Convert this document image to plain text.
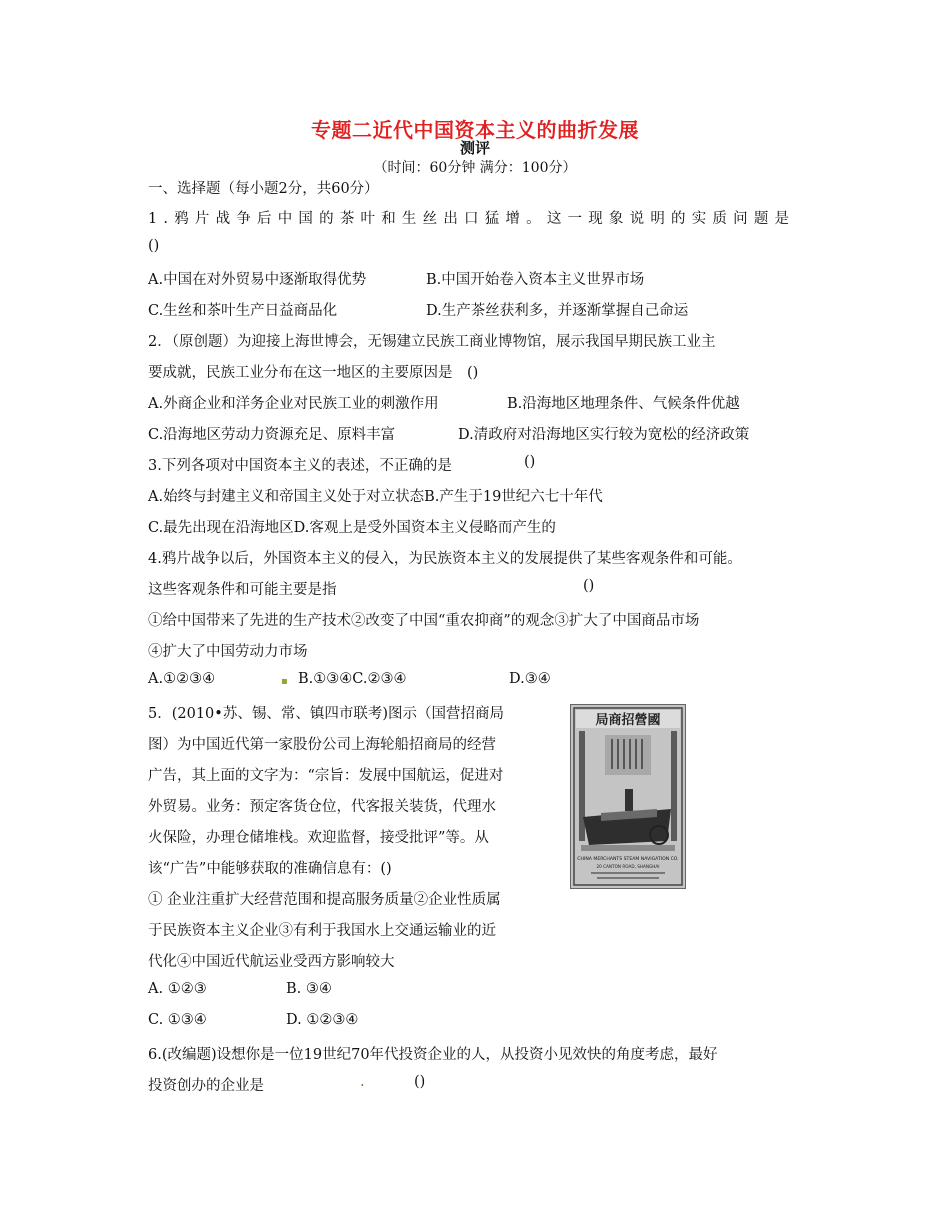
专题二近代中国资本主义的曲折发展
测评
（时间：60分钟 满分：100分）
一、选择题（每小题2分，共60分）
1.鸦片战争后中国的茶叶和生丝出口猛增。这一现象说明的实质问题是
()
A.中国在对外贸易中逐渐取得优势	B.中国开始卷入资本主义世界市场
C.生丝和茶叶生产日益商品化	D.生产茶丝获利多，并逐渐掌握自己命运
2．（原创题）为迎接上海世博会，无锡建立民族工商业博物馆，展示我国早期民族工业主
要成就，民族工业分布在这一地区的主要原因是　()
A.外商企业和洋务企业对民族工业的刺激作用	B.沿海地区地理条件、气候条件优越
C.沿海地区劳动力资源充足、原料丰富	D.清政府对沿海地区实行较为宽松的经济政策
3.下列各项对中国资本主义的表述，不正确的是	()
A.始终与封建主义和帝国主义处于对立状态B.产生于19世纪六七十年代
C.最先出现在沿海地区D.客观上是受外国资本主义侵略而产生的
4.鸦片战争以后，外国资本主义的侵入，为民族资本主义的发展提供了某些客观条件和可能。
这些客观条件和可能主要是指	()
①给中国带来了先进的生产技术②改变了中国“重农抑商”的观念③扩大了中国商品市场
④扩大了中国劳动力市场
A.①②③④	▪ B.①③④C.②③④	D.③④
5．(2010•苏、锡、常、镇四市联考)图示（国营招商局
图）为中国近代第一家股份公司上海轮船招商局的经营
广告，其上面的文字为：“宗旨：发展中国航运，促进对
外贸易。业务：预定客货仓位，代客报关装货，代理水
火保险，办理仓储堆栈。欢迎监督，接受批评”等。从
该“广告”中能够获取的准确信息有：()
① 企业注重扩大经营范围和提高服务质量②企业性质属
于民族资本主义企业③有利于我国水上交通运输业的近
代化④中国近代航运业受西方影响较大
A. ①②③	B. ③④
C. ①③④	D. ①②③④
局商招營國
CHINA MERCHANTS STEAM NAVIGATION CO.
20 CANTON ROAD, SHANGHAI
6.(改编题)设想你是一位19世纪70年代投资企业的人，从投资小见效快的角度考虑，最好
投资创办的企业是	.	()
